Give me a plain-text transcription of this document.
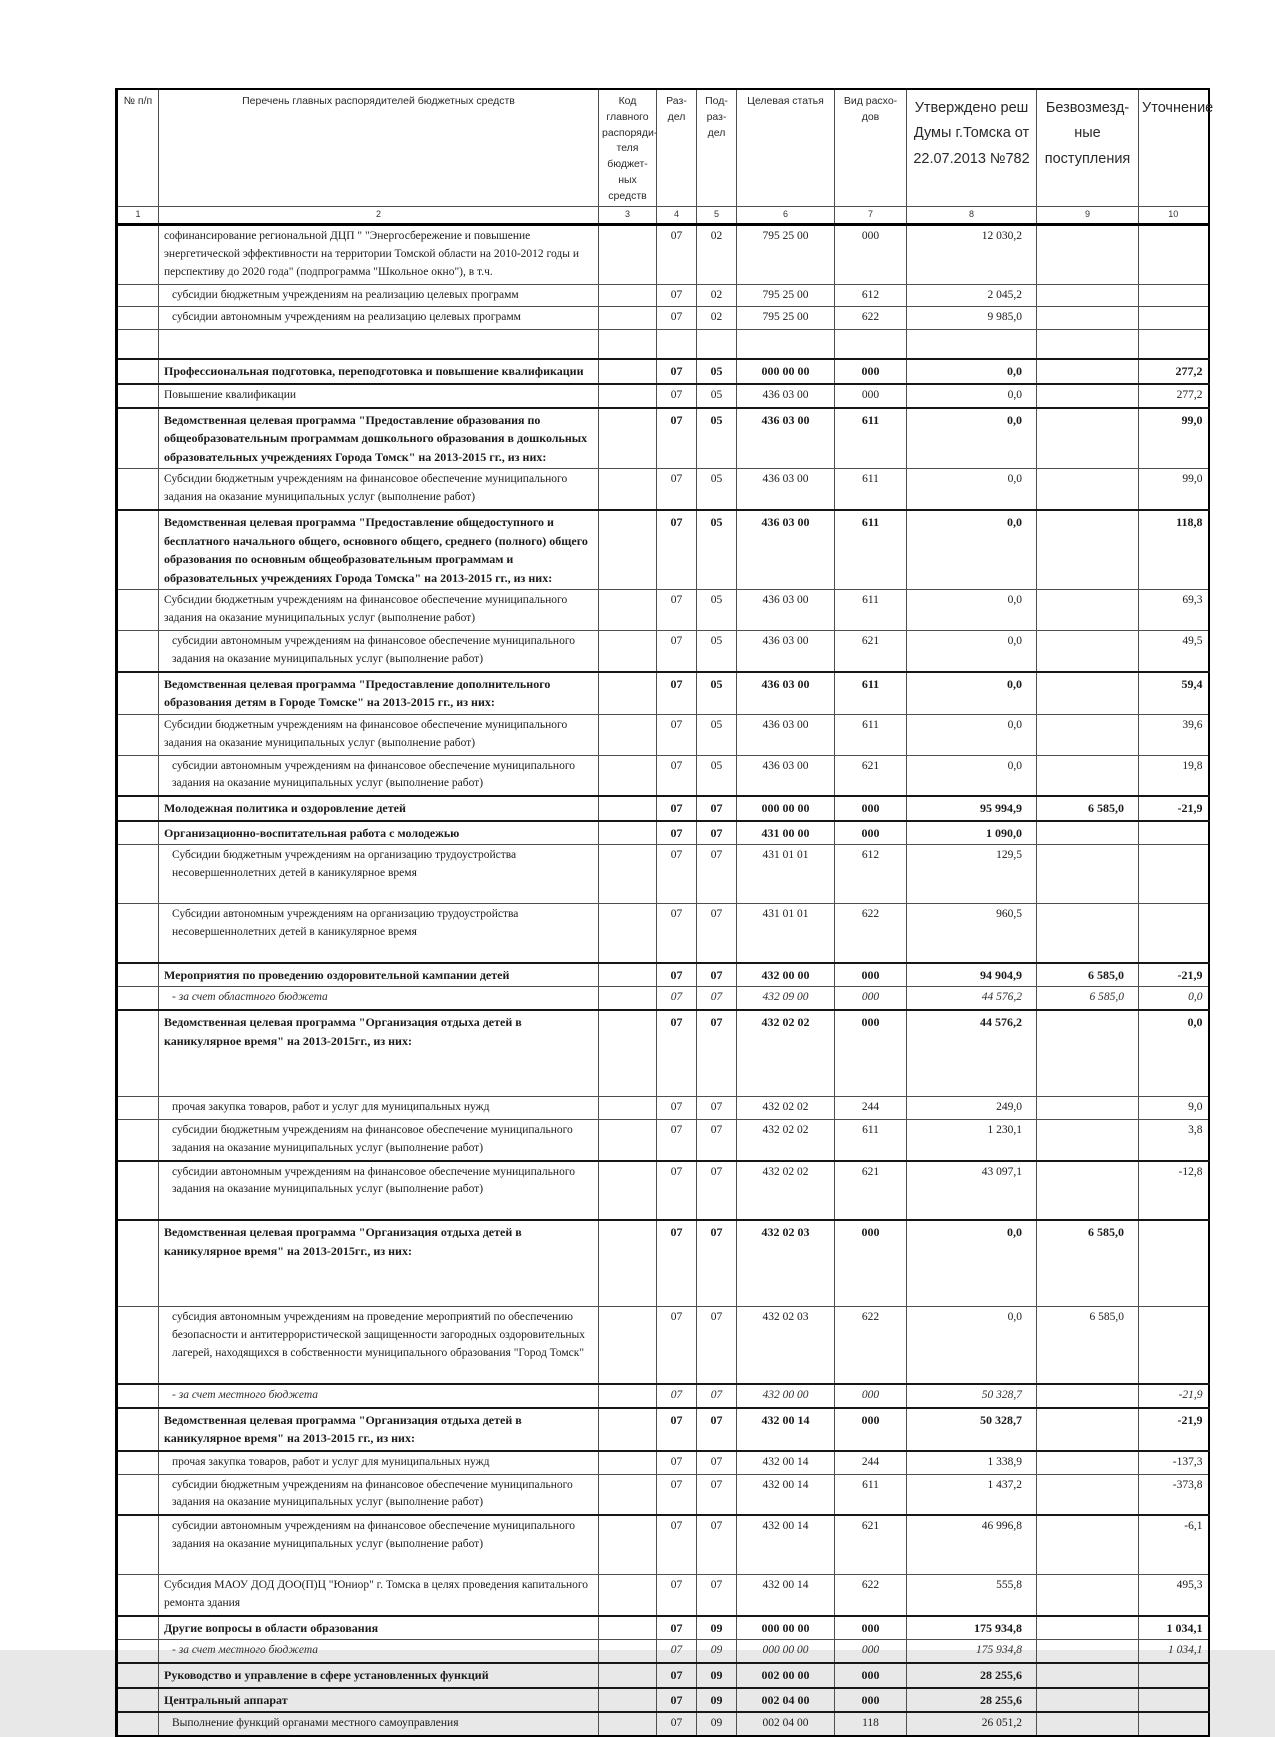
№ п/п	Перечень главных распорядителей бюджетных средств	Код главного распоряди- теля бюджет- ных средств	Раз- дел	Под- раз- дел	Целевая статья	Вид расхо- дов	Утверждено реш Думы г.Томска от 22.07.2013 №782	Безвозмезд- ные поступления	Уточнение
1	2	3	4	5	6	7	8	9	10
	софинансирование региональной ДЦП " "Энергосбережение и повышение энергетической эффективности на территории Томской области на 2010-2012 годы и перспективу до 2020 года" (подпрограмма "Школьное окно"), в т.ч.		07	02	795 25 00	000	12 030,2		
	субсидии бюджетным учреждениям на реализацию целевых программ		07	02	795 25 00	612	2 045,2		
	субсидии автономным учреждениям на реализацию целевых программ		07	02	795 25 00	622	9 985,0		

	Профессиональная подготовка, переподготовка и повышение квалификации		07	05	000 00 00	000	0,0		277,2
	Повышение квалификации		07	05	436 03 00	000	0,0		277,2
	Ведомственная целевая программа "Предоставление образования по общеобразовательным программам дошкольного образования в дошкольных образовательных учреждениях Города Томск" на 2013-2015 гг., из них:		07	05	436 03 00	611	0,0		99,0
	Субсидии бюджетным учреждениям на финансовое обеспечение муниципального задания на оказание муниципальных услуг (выполнение работ)		07	05	436 03 00	611	0,0		99,0
	Ведомственная целевая программа "Предоставление общедоступного и бесплатного начального общего, основного общего, среднего (полного) общего образования по основным общеобразовательным программам и образовательных учреждениях Города Томска" на 2013-2015 гг., из них:		07	05	436 03 00	611	0,0		118,8
	Субсидии бюджетным учреждениям на финансовое обеспечение муниципального задания на оказание муниципальных услуг (выполнение работ)		07	05	436 03 00	611	0,0		69,3
	субсидии автономным учреждениям на финансовое обеспечение муниципального задания на оказание муниципальных услуг (выполнение работ)		07	05	436 03 00	621	0,0		49,5
	Ведомственная целевая программа "Предоставление дополнительного образования детям в Городе Томске" на 2013-2015 гг., из них:		07	05	436 03 00	611	0,0		59,4
	Субсидии бюджетным учреждениям на финансовое обеспечение муниципального задания на оказание муниципальных услуг (выполнение работ)		07	05	436 03 00	611	0,0		39,6
	субсидии автономным учреждениям на финансовое обеспечение муниципального задания на оказание муниципальных услуг (выполнение работ)		07	05	436 03 00	621	0,0		19,8
	Молодежная политика и оздоровление детей		07	07	000 00 00	000	95 994,9	6 585,0	-21,9
	Организационно-воспитательная работа с молодежью		07	07	431 00 00	000	1 090,0		
	Субсидии бюджетным учреждениям на организацию трудоустройства несовершеннолетних детей в каникулярное время		07	07	431 01 01	612	129,5		
	Субсидии автономным учреждениям на организацию трудоустройства несовершеннолетних детей в каникулярное время		07	07	431 01 01	622	960,5		
	Мероприятия по проведению оздоровительной кампании детей		07	07	432 00 00	000	94 904,9	6 585,0	-21,9
	- за счет областного бюджета		07	07	432 09 00	000	44 576,2	6 585,0	0,0
	Ведомственная целевая программа "Организация отдыха детей в каникулярное время" на 2013-2015гг., из них:		07	07	432 02 02	000	44 576,2		0,0
	прочая закупка товаров, работ и услуг для муниципальных нужд		07	07	432 02 02	244	249,0		9,0
	субсидии бюджетным учреждениям на финансовое обеспечение муниципального задания на оказание муниципальных услуг (выполнение работ)		07	07	432 02 02	611	1 230,1		3,8
	субсидии автономным учреждениям на финансовое обеспечение муниципального задания на оказание муниципальных услуг (выполнение работ)		07	07	432 02 02	621	43 097,1		-12,8
	Ведомственная целевая программа "Организация отдыха детей в каникулярное время" на 2013-2015гг., из них:		07	07	432 02 03	000	0,0	6 585,0	
	субсидия автономным учреждениям на проведение мероприятий по обеспечению безопасности и антитеррористической защищенности загородных оздоровительных лагерей, находящихся в собственности муниципального образования "Город Томск"		07	07	432 02 03	622	0,0	6 585,0	
	- за счет местного бюджета		07	07	432 00 00	000	50 328,7		-21,9
	Ведомственная целевая программа "Организация отдыха детей в каникулярное время" на 2013-2015 гг., из них:		07	07	432 00 14	000	50 328,7		-21,9
	прочая закупка товаров, работ и услуг для муниципальных нужд		07	07	432 00 14	244	1 338,9		-137,3
	субсидии бюджетным учреждениям на финансовое обеспечение муниципального задания на оказание муниципальных услуг (выполнение работ)		07	07	432 00 14	611	1 437,2		-373,8
	субсидии автономным учреждениям на финансовое обеспечение муниципального задания на оказание муниципальных услуг (выполнение работ)		07	07	432 00 14	621	46 996,8		-6,1
	Субсидия МАОУ ДОД ДОО(П)Ц "Юниор" г. Томска в целях проведения капитального ремонта здания		07	07	432 00 14	622	555,8		495,3
	Другие вопросы в области образования		07	09	000 00 00	000	175 934,8		1 034,1
	- за счет местного бюджета		07	09	000 00 00	000	175 934,8		1 034,1
	Руководство и управление в сфере установленных функций		07	09	002 00 00	000	28 255,6		
	Центральный аппарат		07	09	002 04 00	000	28 255,6		
	Выполнение функций органами местного самоуправления		07	09	002 04 00	118	26 051,2		
